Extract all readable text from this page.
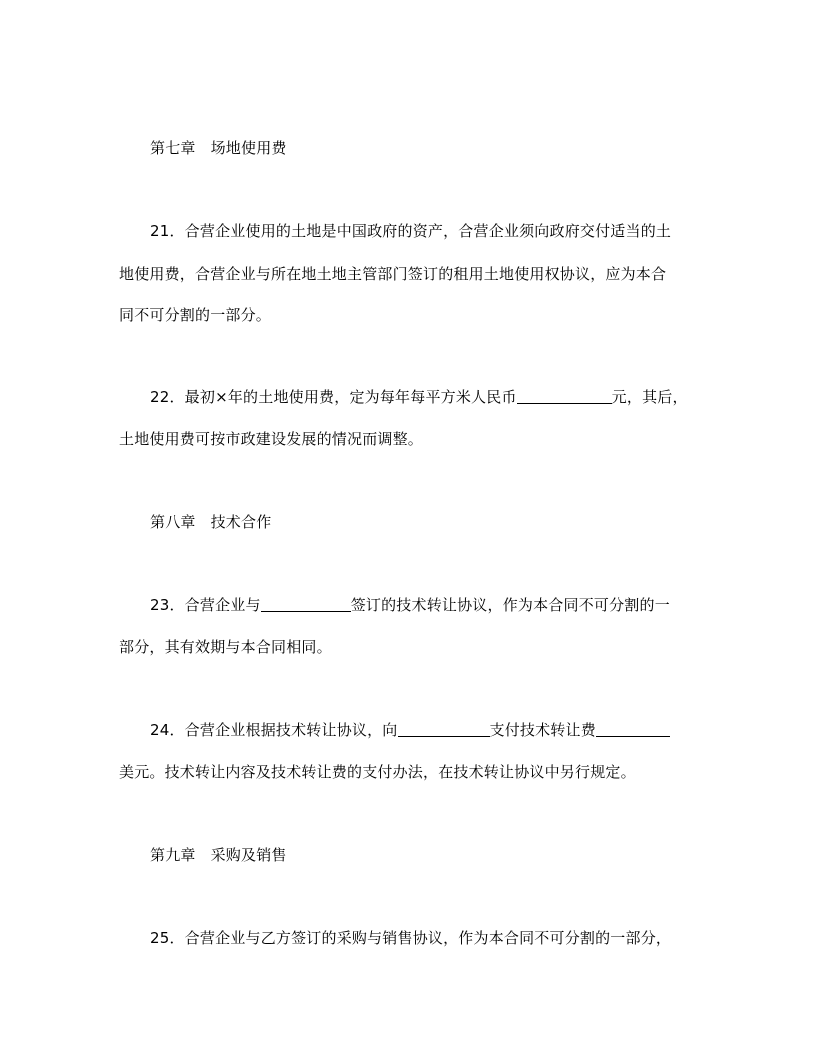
第七章 场地使用费
21．合营企业使用的土地是中国政府的资产，合营企业须向政府交付适当的土
地使用费，合营企业与所在地土地主管部门签订的租用土地使用权协议，应为本合
同不可分割的一部分。
22．最初×年的土地使用费，定为每年每平方米人民币	元，其后，
土地使用费可按市政建设发展的情况而调整。
第八章 技术合作
23．合营企业与	签订的技术转让协议，作为本合同不可分割的一
部分，其有效期与本合同相同。
24．合营企业根据技术转让协议，向	支付技术转让费
美元。技术转让内容及技术转让费的支付办法，在技术转让协议中另行规定。
第九章 采购及销售
25．合营企业与乙方签订的采购与销售协议，作为本合同不可分割的一部分，
